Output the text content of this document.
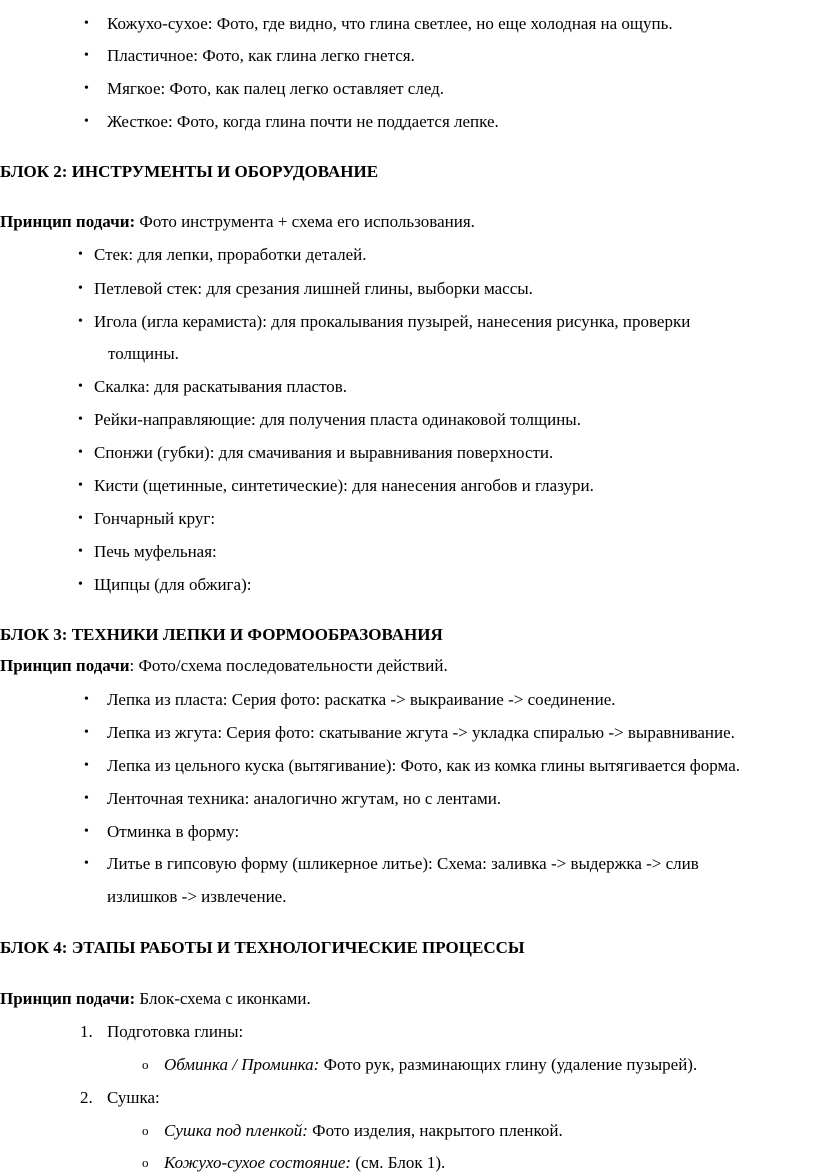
• Кожухо-сухое: Фото, где видно, что глина светлее, но еще холодная на ощупь.
• Пластичное: Фото, как глина легко гнется.
• Мягкое: Фото, как палец легко оставляет след.
• Жесткое: Фото, когда глина почти не поддается лепке.
БЛОК 2: ИНСТРУМЕНТЫ И ОБОРУДОВАНИЕ
Принцип подачи: Фото инструмента + схема его использования.
• Стек: для лепки, проработки деталей.
• Петлевой стек: для срезания лишней глины, выборки массы.
• Игола (игла керамиста): для прокалывания пузырей, нанесения рисунка, проверки
толщины.
• Скалка: для раскатывания пластов.
• Рейки-направляющие: для получения пласта одинаковой толщины.
• Спонжи (губки): для смачивания и выравнивания поверхности.
• Кисти (щетинные, синтетические): для нанесения ангобов и глазури.
• Гончарный круг:
• Печь муфельная:
• Щипцы (для обжига):
БЛОК 3: ТЕХНИКИ ЛЕПКИ И ФОРМООБРАЗОВАНИЯ
Принцип подачи: Фото/схема последовательности действий.
• Лепка из пласта: Серия фото: раскатка -> выкраивание -> соединение.
• Лепка из жгута: Серия фото: скатывание жгута -> укладка спиралью -> выравнивание.
• Лепка из цельного куска (вытягивание): Фото, как из комка глины вытягивается форма.
• Ленточная техника: аналогично жгутам, но с лентами.
• Отминка в форму:
• Литье в гипсовую форму (шликерное литье): Схема: заливка -> выдержка -> слив
излишков -> извлечение.
БЛОК 4: ЭТАПЫ РАБОТЫ И ТЕХНОЛОГИЧЕСКИЕ ПРОЦЕССЫ
Принцип подачи: Блок-схема с иконками.
1. Подготовка глины:
o Обминка / Проминка: Фото рук, разминающих глину (удаление пузырей).
2. Сушка:
o Сушка под пленкой: Фото изделия, накрытого пленкой.
o Кожухо-сухое состояние: (см. Блок 1).
